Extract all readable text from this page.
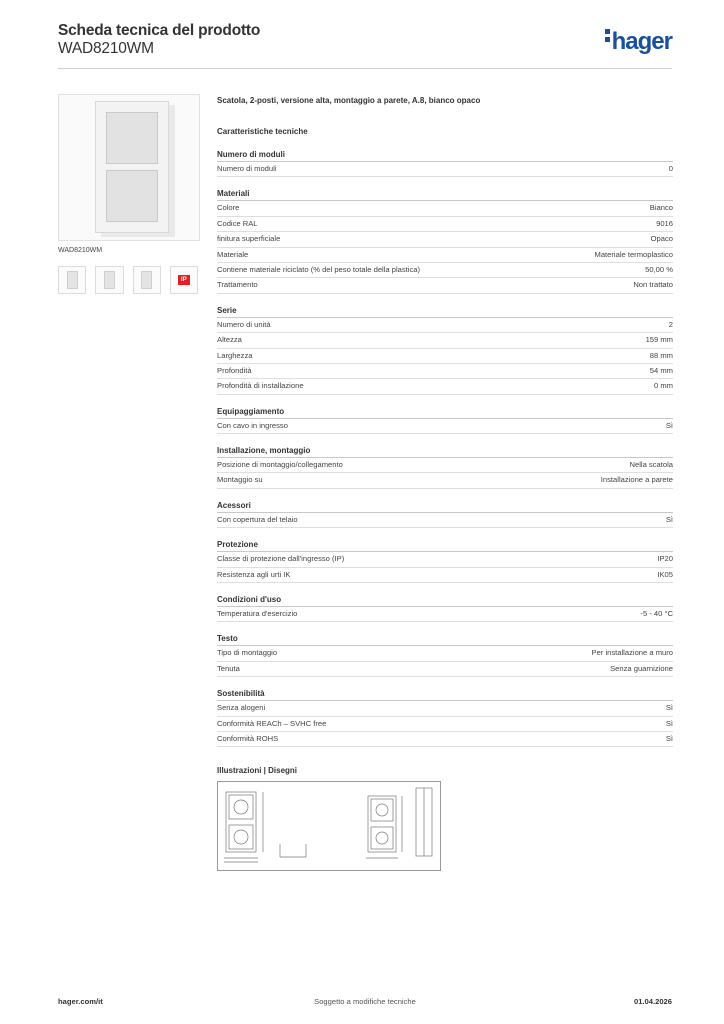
Scheda tecnica del prodotto
WAD8210WM	hager
WAD8210WM
IP
Scatola, 2-posti, versione alta, montaggio a parete, A.8, bianco opaco
Caratteristiche tecniche
Numero di moduli
Numero di moduli	0
Materiali
Colore	Bianco
Codice RAL	9016
finitura superficiale	Opaco
Materiale	Materiale termoplastico
Contiene materiale riciclato (% del peso totale della plastica)	50,00 %
Trattamento	Non trattato
Serie
Numero di unità	2
Altezza	159 mm
Larghezza	88 mm
Profondità	54 mm
Profondità di installazione	0 mm
Equipaggiamento
Con cavo in ingresso	Sì
Installazione, montaggio
Posizione di montaggio/collegamento	Nella scatola
Montaggio su	Installazione a parete
Acessori
Con copertura del telaio	Sì
Protezione
Classe di protezione dall'ingresso (IP)	IP20
Resistenza agli urti IK	IK05
Condizioni d'uso
Temperatura d'esercizio	-5 - 40 °C
Testo
Tipo di montaggio	Per installazione a muro
Tenuta	Senza guarnizione
Sostenibilità
Senza alogeni	Sì
Conformità REACh – SVHC free	Sì
Conformità ROHS	Sì
Illustrazioni | Disegni
hager.com/it	Soggetto a modifiche tecniche	01.04.2026
